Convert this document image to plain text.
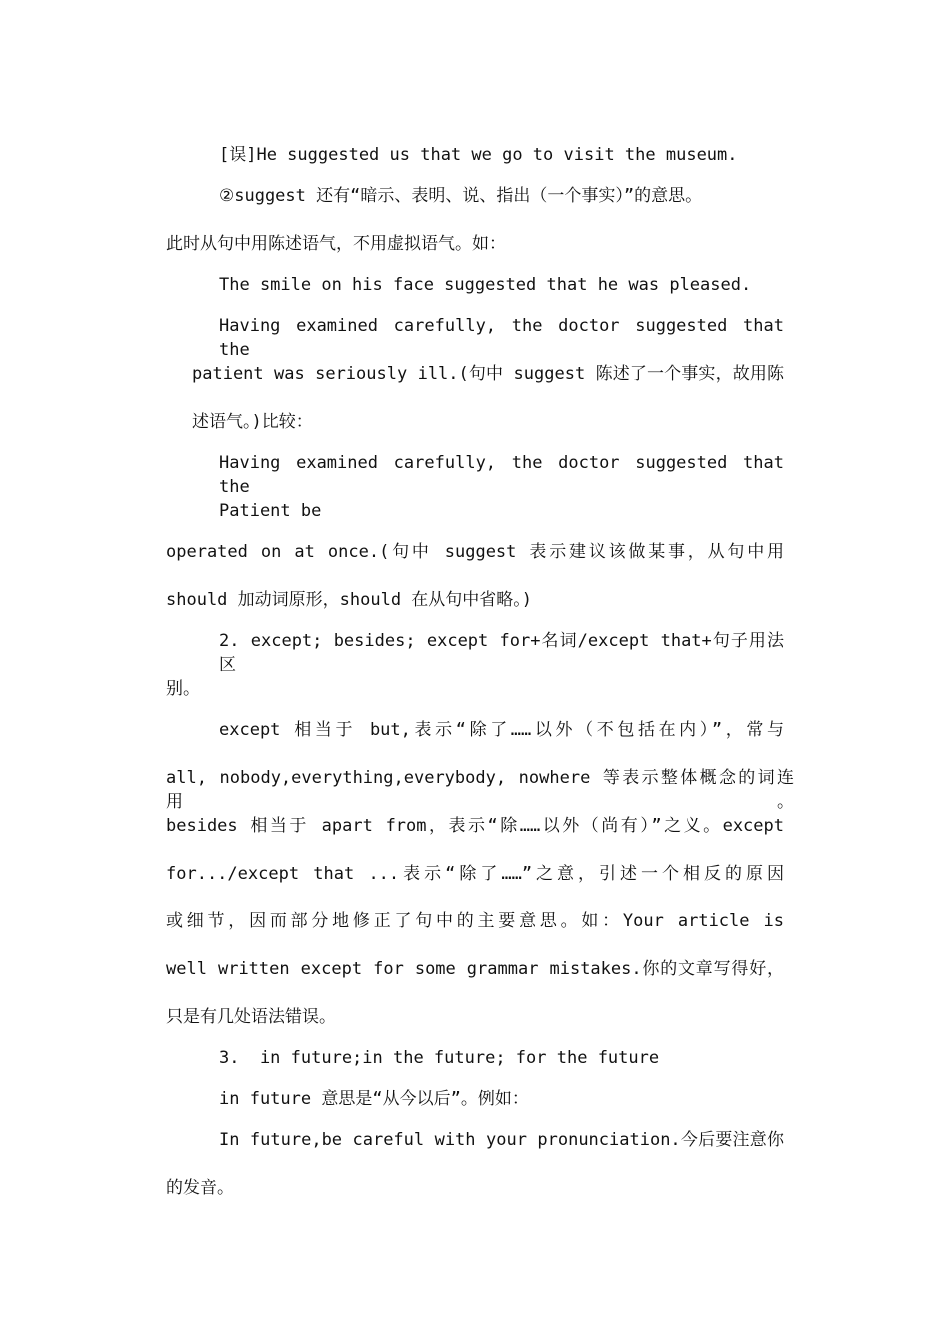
[误]He suggested us that we go to visit the museum.

②suggest 还有“暗示、表明、说、指出（一个事实）”的意思。

此时从句中用陈述语气，不用虚拟语气。如：

The smile on his face suggested that he was pleased.

Having examined carefully, the doctor suggested that the

patient was seriously ill.(句中 suggest 陈述了一个事实，故用陈

述语气。)比较：

Having examined carefully, the doctor suggested that the

Patient be

operated on at once.(句中 suggest 表示建议该做某事，从句中用

should 加动词原形，should 在从句中省略。)

2. except; besides; except for+名词/except that+句子用法区

别。

except 相当于 but,表示“除了……以外（不包括在内）”，常与

all, nobody,everything,everybody, nowhere 等表示整体概念的词连用。

besides 相当于 apart from，表示“除……以外（尚有）”之义。except

for.../except that ...表示“除了……”之意，引述一个相反的原因

或细节，因而部分地修正了句中的主要意思。如：Your article is

well written except for some grammar mistakes.你的文章写得好，

只是有几处语法错误。

3.  in future;in the future; for the future

in future 意思是“从今以后”。例如：

In future,be careful with your pronunciation.今后要注意你

的发音。
